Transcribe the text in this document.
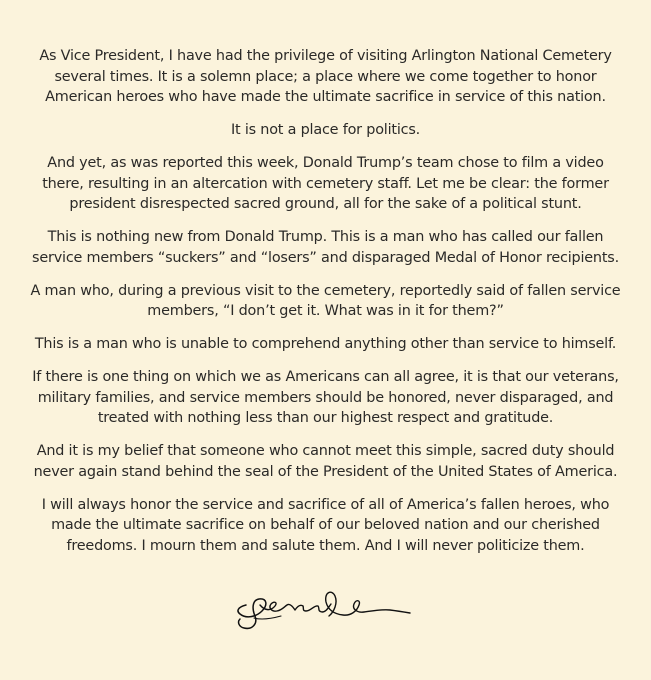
As Vice President, I have had the privilege of visiting Arlington National Cemetery several times. It is a solemn place; a place where we come together to honor American heroes who have made the ultimate sacrifice in service of this nation.

It is not a place for politics.

And yet, as was reported this week, Donald Trump’s team chose to film a video there, resulting in an altercation with cemetery staff. Let me be clear: the former president disrespected sacred ground, all for the sake of a political stunt.

This is nothing new from Donald Trump. This is a man who has called our fallen service members “suckers” and “losers” and disparaged Medal of Honor recipients.

A man who, during a previous visit to the cemetery, reportedly said of fallen service members, “I don’t get it. What was in it for them?”

This is a man who is unable to comprehend anything other than service to himself.

If there is one thing on which we as Americans can all agree, it is that our veterans, military families, and service members should be honored, never disparaged, and treated with nothing less than our highest respect and gratitude.

And it is my belief that someone who cannot meet this simple, sacred duty should never again stand behind the seal of the President of the United States of America.

I will always honor the service and sacrifice of all of America’s fallen heroes, who made the ultimate sacrifice on behalf of our beloved nation and our cherished freedoms. I mourn them and salute them. And I will never politicize them.
